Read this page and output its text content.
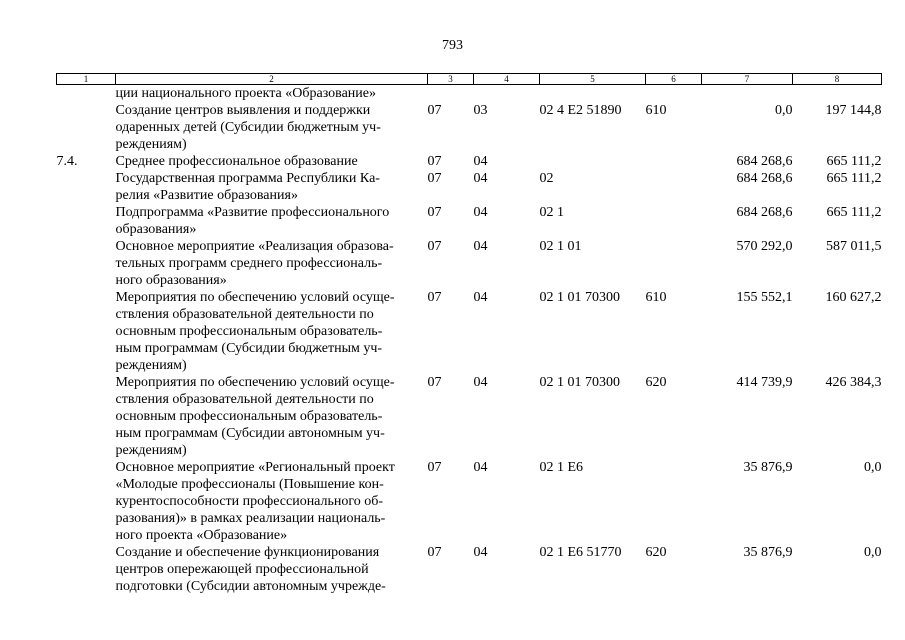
793
1	2	3	4	5	6	7	8

	ции национального проекта «Образование»						

	Создание центров выявления и поддержки
одаренных детей (Субсидии бюджетным уч-
реждениям)	07	03	02 4 E2 51890	610	0,0	197 144,8
7.4.	Среднее профессиональное образование	07	04			684 268,6	665 111,2

	Государственная программа Республики Ка-
релия «Развитие образования»	07	04	02		684 268,6	665 111,2

	Подпрограмма «Развитие профессионального
образования»	07	04	02 1		684 268,6	665 111,2

	Основное мероприятие «Реализация образова-
тельных программ среднего профессиональ-
ного образования»	07	04	02 1 01		570 292,0	587 011,5

	Мероприятия по обеспечению условий осуще-
ствления образовательной деятельности по
основным профессиональным образователь-
ным программам (Субсидии бюджетным уч-
реждениям)	07	04	02 1 01 70300	610	155 552,1	160 627,2

	Мероприятия по обеспечению условий осуще-
ствления образовательной деятельности по
основным профессиональным образователь-
ным программам (Субсидии автономным уч-
реждениям)	07	04	02 1 01 70300	620	414 739,9	426 384,3

	Основное мероприятие «Региональный проект
«Молодые профессионалы (Повышение кон-
курентоспособности профессионального об-
разования)» в рамках реализации националь-
ного проекта «Образование»	07	04	02 1 E6		35 876,9	0,0

	Создание и обеспечение функционирования
центров опережающей профессиональной
подготовки (Субсидии автономным учрежде-	07	04	02 1 E6 51770	620	35 876,9	0,0
